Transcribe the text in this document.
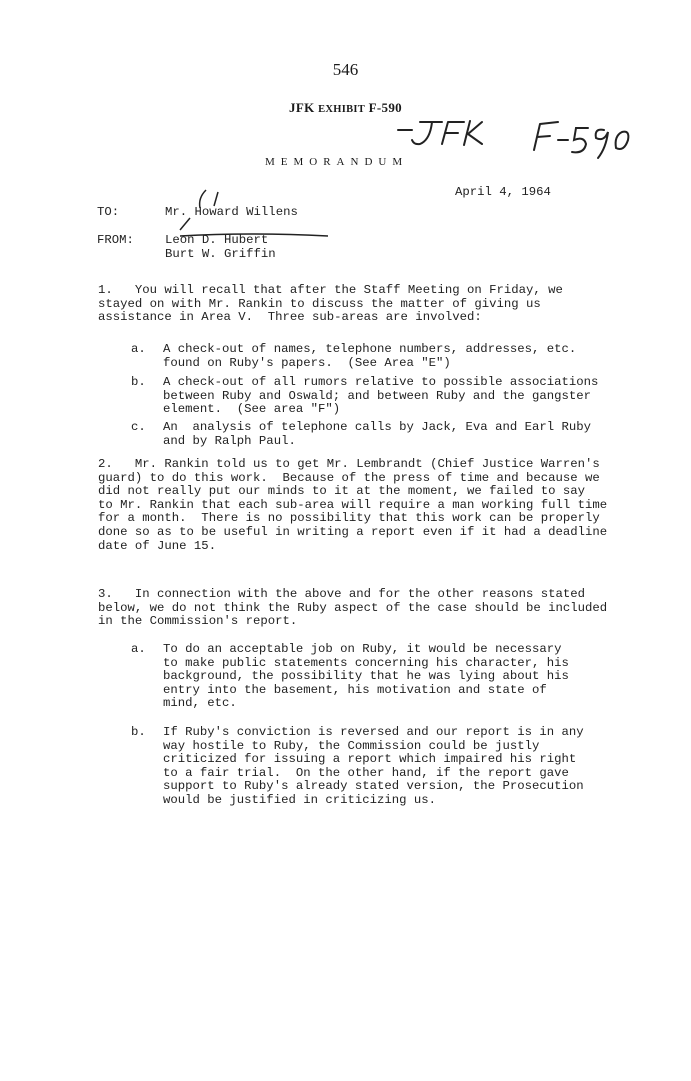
546
JFK EXHIBIT F-590
MEMORANDUM
April 4, 1964
TO:	Mr. Howard Willens
FROM:	Leon D. Hubert
Burt W. Griffin
1.   You will recall that after the Staff Meeting on Friday, we
stayed on with Mr. Rankin to discuss the matter of giving us
assistance in Area V.  Three sub-areas are involved:
a. A check-out of names, telephone numbers, addresses, etc.
found on Ruby's papers.  (See Area "E")
b. A check-out of all rumors relative to possible associations
between Ruby and Oswald; and between Ruby and the gangster
element.  (See area "F")
c. An  analysis of telephone calls by Jack, Eva and Earl Ruby
and by Ralph Paul.
2.   Mr. Rankin told us to get Mr. Lembrandt (Chief Justice Warren's
guard) to do this work.  Because of the press of time and because we
did not really put our minds to it at the moment, we failed to say
to Mr. Rankin that each sub-area will require a man working full time
for a month.  There is no possibility that this work can be properly
done so as to be useful in writing a report even if it had a deadline
date of June 15.
3.   In connection with the above and for the other reasons stated
below, we do not think the Ruby aspect of the case should be included
in the Commission's report.
a. To do an acceptable job on Ruby, it would be necessary
to make public statements concerning his character, his
background, the possibility that he was lying about his
entry into the basement, his motivation and state of
mind, etc.
b. If Ruby's conviction is reversed and our report is in any
way hostile to Ruby, the Commission could be justly
criticized for issuing a report which impaired his right
to a fair trial.  On the other hand, if the report gave
support to Ruby's already stated version, the Prosecution
would be justified in criticizing us.
